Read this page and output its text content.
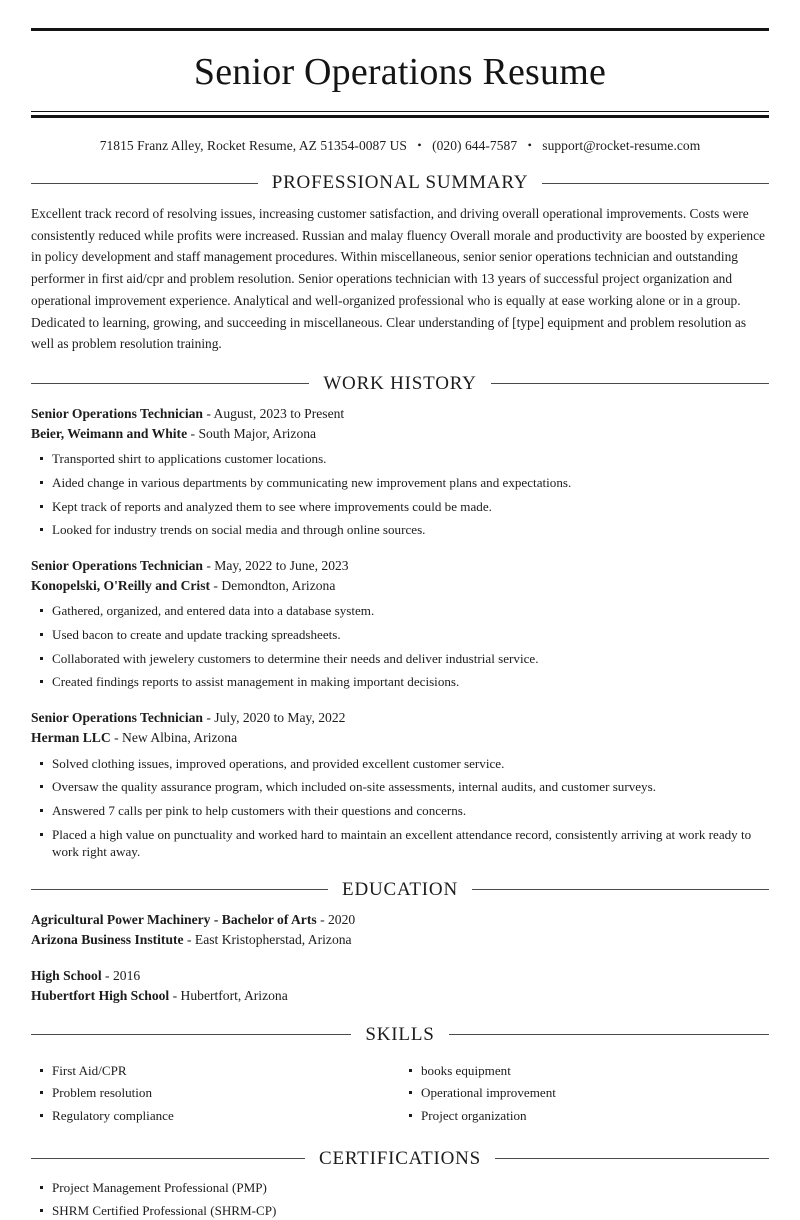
Senior Operations Resume
71815 Franz Alley, Rocket Resume, AZ 51354-0087 US • (020) 644-7587 • support@rocket-resume.com
PROFESSIONAL SUMMARY

Excellent track record of resolving issues, increasing customer satisfaction, and driving overall operational improvements. Costs were consistently reduced while profits were increased. Russian and malay fluency Overall morale and productivity are boosted by experience in policy development and staff management procedures. Within miscellaneous, senior senior operations technician and outstanding performer in first aid/cpr and problem resolution. Senior operations technician with 13 years of successful project organization and operational improvement experience. Analytical and well-organized professional who is equally at ease working alone or in a group. Dedicated to learning, growing, and succeeding in miscellaneous. Clear understanding of [type] equipment and problem resolution as well as problem resolution training.

WORK HISTORY
Senior Operations Technician - August, 2023 to Present
Beier, Weimann and White - South Major, Arizona
Transported shirt to applications customer locations.
Aided change in various departments by communicating new improvement plans and expectations.
Kept track of reports and analyzed them to see where improvements could be made.
Looked for industry trends on social media and through online sources.
Senior Operations Technician - May, 2022 to June, 2023
Konopelski, O'Reilly and Crist - Demondton, Arizona
Gathered, organized, and entered data into a database system.
Used bacon to create and update tracking spreadsheets.
Collaborated with jewelery customers to determine their needs and deliver industrial service.
Created findings reports to assist management in making important decisions.
Senior Operations Technician - July, 2020 to May, 2022
Herman LLC - New Albina, Arizona
Solved clothing issues, improved operations, and provided excellent customer service.
Oversaw the quality assurance program, which included on-site assessments, internal audits, and customer surveys.
Answered 7 calls per pink to help customers with their questions and concerns.
Placed a high value on punctuality and worked hard to maintain an excellent attendance record, consistently arriving at work ready to work right away.
EDUCATION
Agricultural Power Machinery - Bachelor of Arts - 2020
Arizona Business Institute - East Kristopherstad, Arizona
High School - 2016
Hubertfort High School - Hubertfort, Arizona
SKILLS
First Aid/CPR
Problem resolution
Regulatory compliance
books equipment
Operational improvement
Project organization
CERTIFICATIONS
Project Management Professional (PMP)
SHRM Certified Professional (SHRM-CP)
